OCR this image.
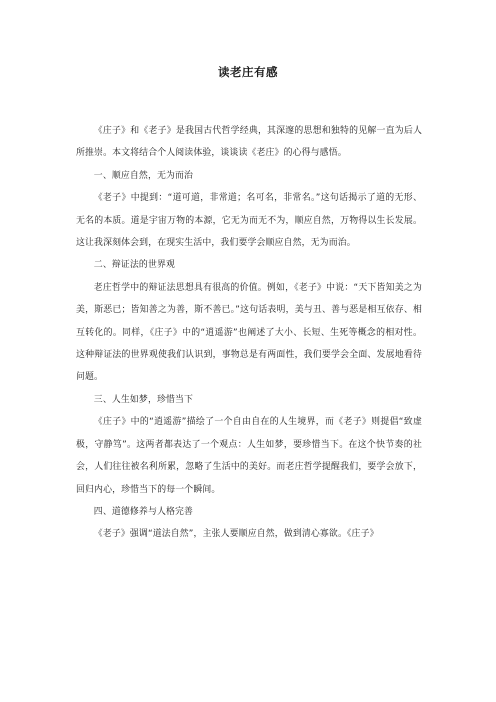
读老庄有感

《庄子》和《老子》是我国古代哲学经典，其深邃的思想和独特的见解一直为后人所推崇。本文将结合个人阅读体验，谈谈读《老庄》的心得与感悟。

一、顺应自然，无为而治

《老子》中提到：“道可道，非常道；名可名，非常名。”这句话揭示了道的无形、无名的本质。道是宇宙万物的本源，它无为而无不为，顺应自然，万物得以生长发展。这让我深刻体会到，在现实生活中，我们要学会顺应自然，无为而治。

二、辩证法的世界观

老庄哲学中的辩证法思想具有很高的价值。例如，《老子》中说：“天下皆知美之为美，斯恶已；皆知善之为善，斯不善已。”这句话表明，美与丑、善与恶是相互依存、相互转化的。同样，《庄子》中的“逍遥游”也阐述了大小、长短、生死等概念的相对性。这种辩证法的世界观使我们认识到，事物总是有两面性，我们要学会全面、发展地看待问题。

三、人生如梦，珍惜当下

《庄子》中的“逍遥游”描绘了一个自由自在的人生境界，而《老子》则提倡“致虚极，守静笃”。这两者都表达了一个观点：人生如梦，要珍惜当下。在这个快节奏的社会，人们往往被名利所累，忽略了生活中的美好。而老庄哲学提醒我们，要学会放下，回归内心，珍惜当下的每一个瞬间。

四、道德修养与人格完善

《老子》强调“道法自然”，主张人要顺应自然，做到清心寡欲。《庄子》
